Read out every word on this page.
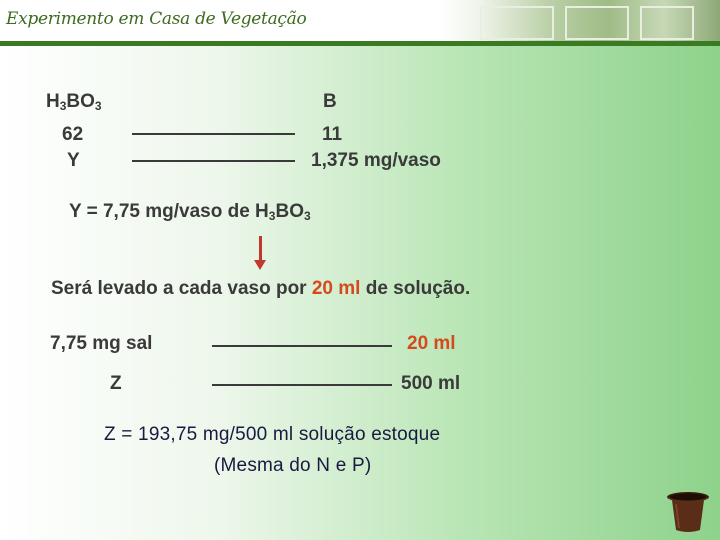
Experimento em Casa de Vegetação
$H_3BO_3$	B
62	11
Y	1,375 mg/vaso
Y = 7,75 mg/vaso de $H_3BO_3$
Será levado a cada vaso por 20 ml de solução.
7,75 mg sal	20 ml
Z	500 ml
Z = 193,75 mg/500 ml solução estoque
(Mesma do N e P)
